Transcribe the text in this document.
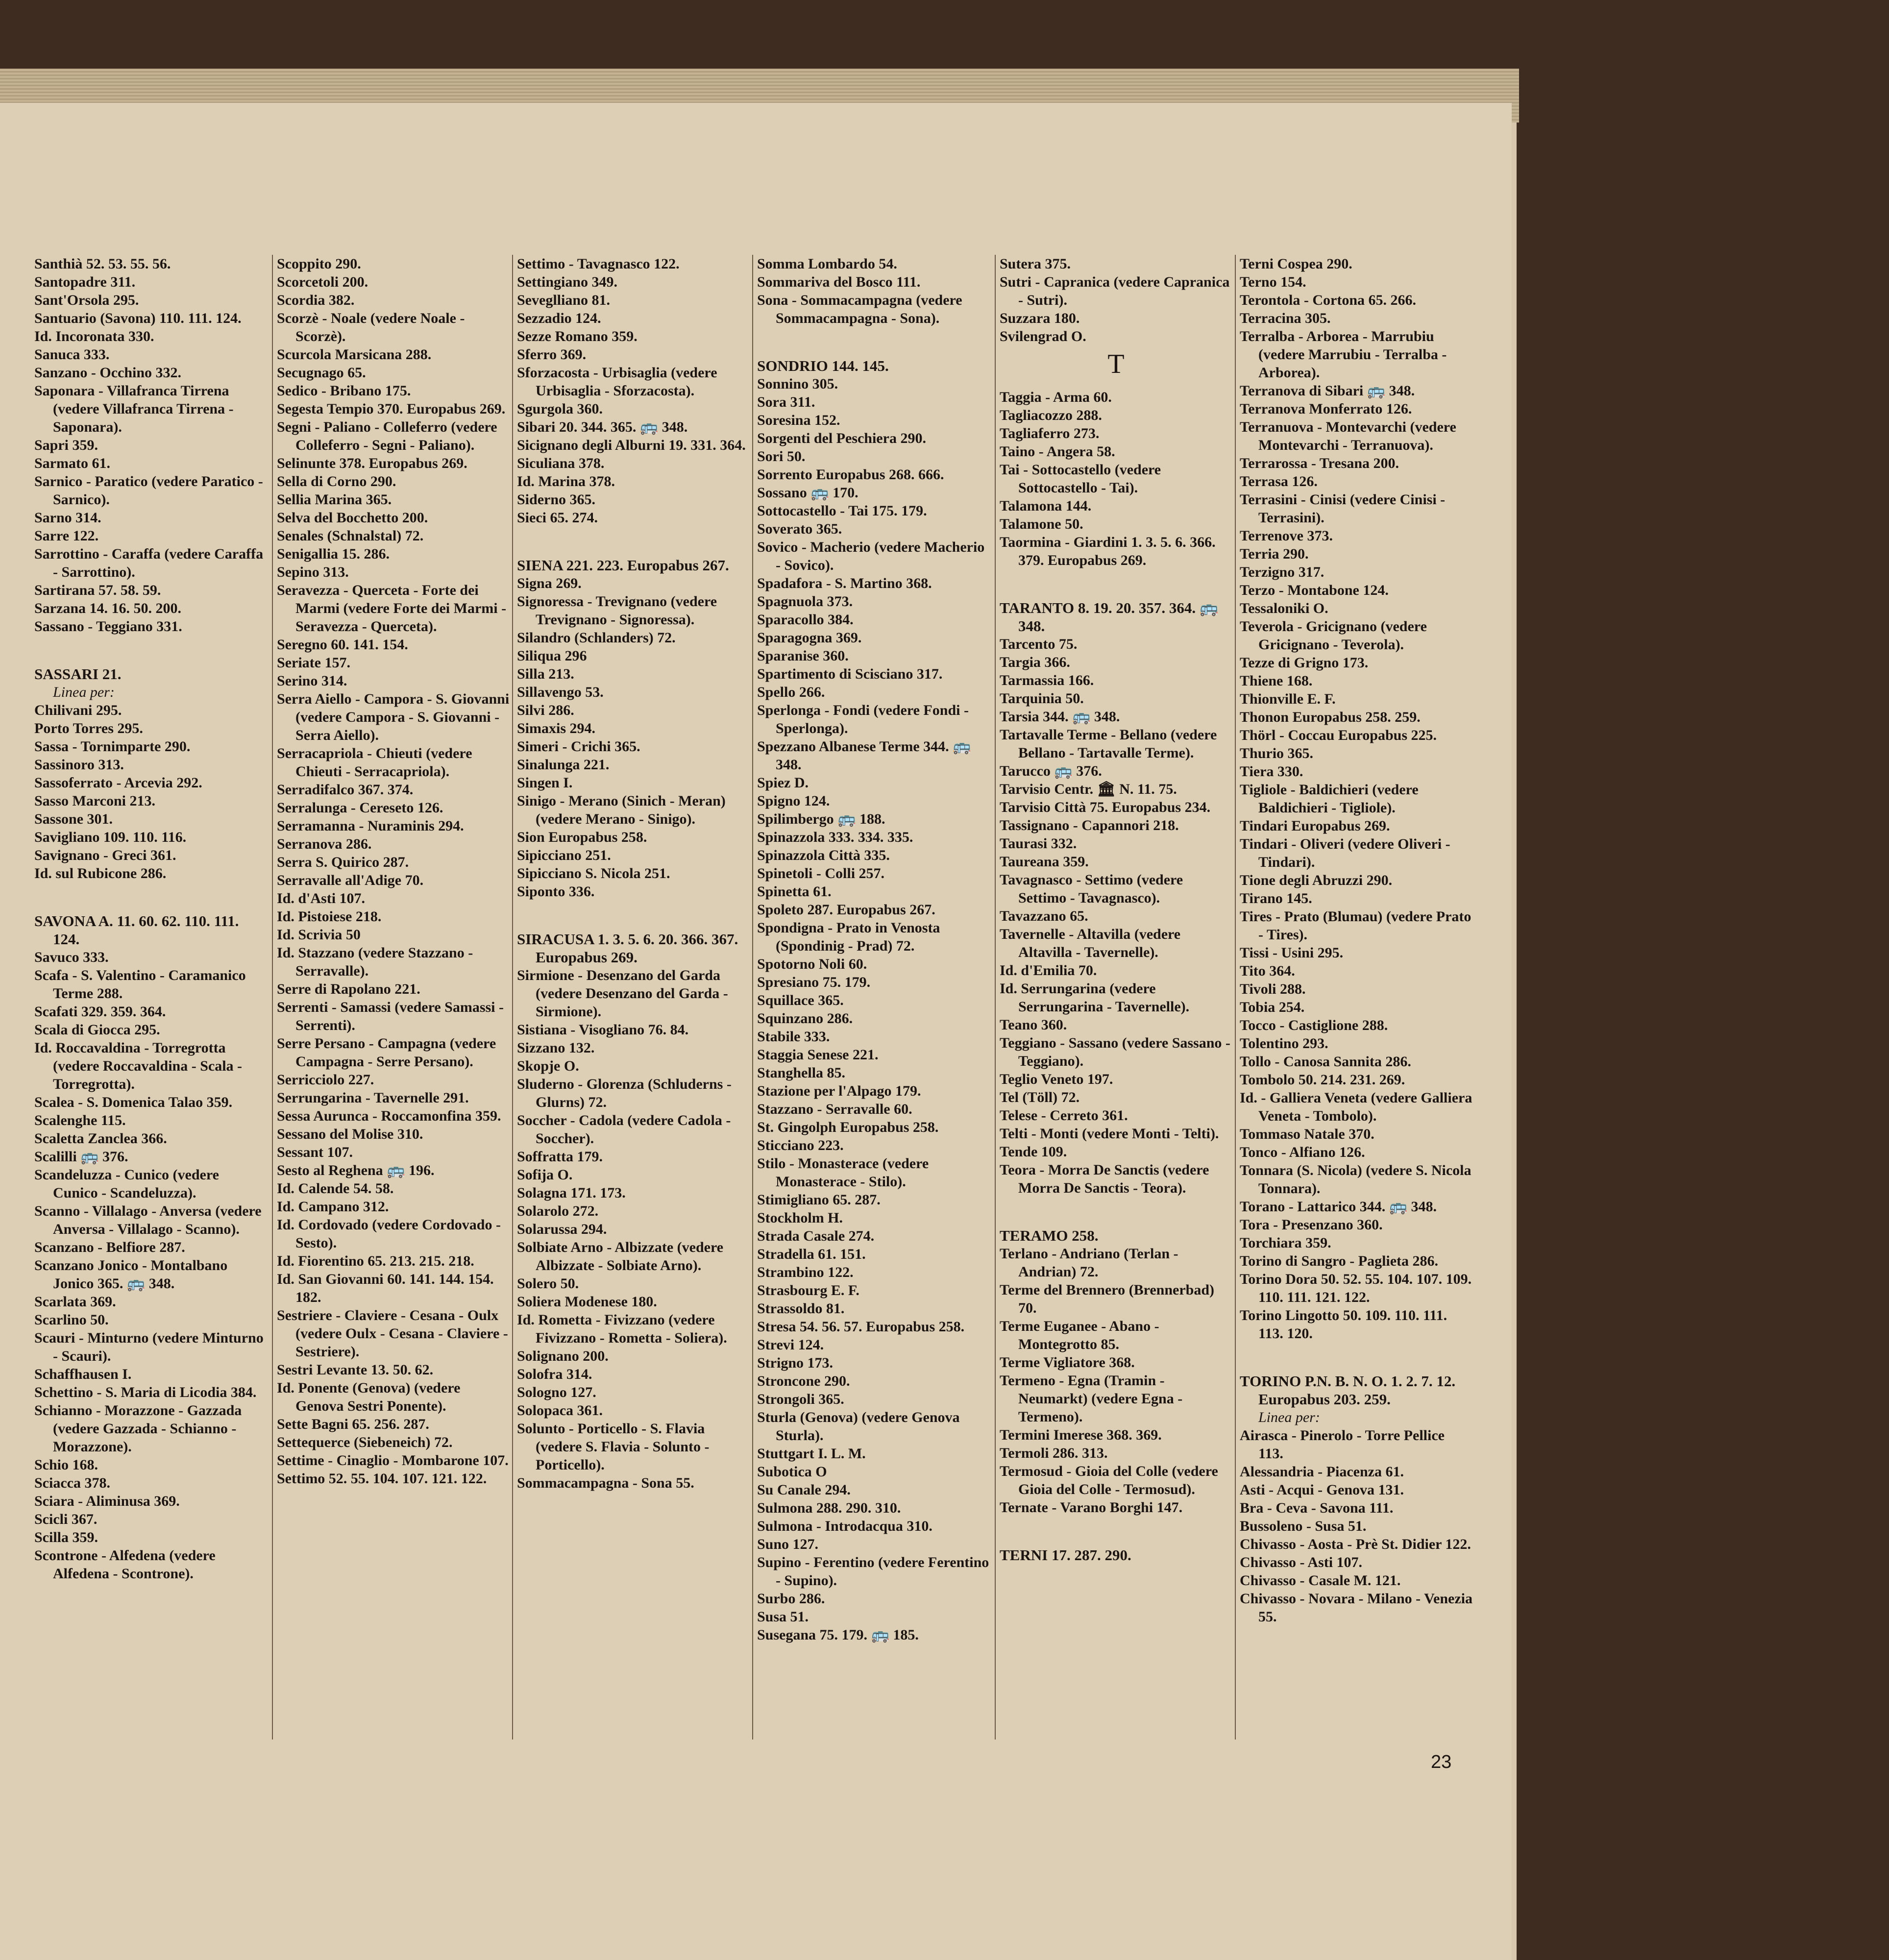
Santhià 52. 53. 55. 56.
Santopadre 311.
Sant'Orsola 295.
Santuario (Savona) 110. 111. 124.
Id. Incoronata 330.
Sanuca 333.
Sanzano - Occhino 332.
Saponara - Villafranca Tirrena (vedere Villafranca Tirrena - Saponara).
Sapri 359.
Sarmato 61.
Sarnico - Paratico (vedere Paratico - Sarnico).
Sarno 314.
Sarre 122.
Sarrottino - Caraffa (vedere Caraffa - Sarrottino).
Sartirana 57. 58. 59.
Sarzana 14. 16. 50. 200.
Sassano - Teggiano 331.
SASSARI 21.
Linea per:
Chilivani 295.
Porto Torres 295.
Sassa - Tornimparte 290.
Sassinoro 313.
Sassoferrato - Arcevia 292.
Sasso Marconi 213.
Sassone 301.
Savigliano 109. 110. 116.
Savignano - Greci 361.
Id. sul Rubicone 286.
SAVONA A. 11. 60. 62. 110. 111. 124.
Savuco 333.
Scafa - S. Valentino - Caramanico Terme 288.
Scafati 329. 359. 364.
Scala di Giocca 295.
Id. Roccavaldina - Torregrotta (vedere Roccavaldina - Scala - Torregrotta).
Scalea - S. Domenica Talao 359.
Scalenghe 115.
Scaletta Zanclea 366.
Scalilli 🚌 376.
Scandeluzza - Cunico (vedere Cunico - Scandeluzza).
Scanno - Villalago - Anversa (vedere Anversa - Villalago - Scanno).
Scanzano - Belfiore 287.
Scanzano Jonico - Montalbano Jonico 365. 🚌 348.
Scarlata 369.
Scarlino 50.
Scauri - Minturno (vedere Minturno - Scauri).
Schaffhausen I.
Schettino - S. Maria di Licodia 384.
Schianno - Morazzone - Gazzada (vedere Gazzada - Schianno - Morazzone).
Schio 168.
Sciacca 378.
Sciara - Aliminusa 369.
Scicli 367.
Scilla 359.
Scontrone - Alfedena (vedere Alfedena - Scontrone).
Scoppito 290.
Scorcetoli 200.
Scordia 382.
Scorzè - Noale (vedere Noale - Scorzè).
Scurcola Marsicana 288.
Secugnago 65.
Sedico - Bribano 175.
Segesta Tempio 370. Europabus 269.
Segni - Paliano - Colleferro (vedere Colleferro - Segni - Paliano).
Selinunte 378. Europabus 269.
Sella di Corno 290.
Sellia Marina 365.
Selva del Bocchetto 200.
Senales (Schnalstal) 72.
Senigallia 15. 286.
Sepino 313.
Seravezza - Querceta - Forte dei Marmi (vedere Forte dei Marmi - Seravezza - Querceta).
Seregno 60. 141. 154.
Seriate 157.
Serino 314.
Serra Aiello - Campora - S. Giovanni (vedere Campora - S. Giovanni - Serra Aiello).
Serracapriola - Chieuti (vedere Chieuti - Serracapriola).
Serradifalco 367. 374.
Serralunga - Cereseto 126.
Serramanna - Nuraminis 294.
Serranova 286.
Serra S. Quirico 287.
Serravalle all'Adige 70.
Id. d'Asti 107.
Id. Pistoiese 218.
Id. Scrivia 50
Id. Stazzano (vedere Stazzano - Serravalle).
Serre di Rapolano 221.
Serrenti - Samassi (vedere Samassi - Serrenti).
Serre Persano - Campagna (vedere Campagna - Serre Persano).
Serricciolo 227.
Serrungarina - Tavernelle 291.
Sessa Aurunca - Roccamonfina 359.
Sessano del Molise 310.
Sessant 107.
Sesto al Reghena 🚌 196.
Id. Calende 54. 58.
Id. Campano 312.
Id. Cordovado (vedere Cordovado - Sesto).
Id. Fiorentino 65. 213. 215. 218.
Id. San Giovanni 60. 141. 144. 154. 182.
Sestriere - Claviere - Cesana - Oulx (vedere Oulx - Cesana - Claviere - Sestriere).
Sestri Levante 13. 50. 62.
Id. Ponente (Genova) (vedere Genova Sestri Ponente).
Sette Bagni 65. 256. 287.
Settequerce (Siebeneich) 72.
Settime - Cinaglio - Mombarone 107.
Settimo 52. 55. 104. 107. 121. 122.
Settimo - Tavagnasco 122.
Settingiano 349.
Seveglliano 81.
Sezzadio 124.
Sezze Romano 359.
Sferro 369.
Sforzacosta - Urbisaglia (vedere Urbisaglia - Sforzacosta).
Sgurgola 360.
Sibari 20. 344. 365. 🚌 348.
Sicignano degli Alburni 19. 331. 364.
Siculiana 378.
Id. Marina 378.
Siderno 365.
Sieci 65. 274.
SIENA 221. 223. Europabus 267.
Signa 269.
Signoressa - Trevignano (vedere Trevignano - Signoressa).
Silandro (Schlanders) 72.
Siliqua 296
Silla 213.
Sillavengo 53.
Silvi 286.
Simaxis 294.
Simeri - Crichi 365.
Sinalunga 221.
Singen I.
Sinigo - Merano (Sinich - Meran) (vedere Merano - Sinigo).
Sion Europabus 258.
Sipicciano 251.
Sipicciano S. Nicola 251.
Siponto 336.
SIRACUSA 1. 3. 5. 6. 20. 366. 367. Europabus 269.
Sirmione - Desenzano del Garda (vedere Desenzano del Garda - Sirmione).
Sistiana - Visogliano 76. 84.
Sizzano 132.
Skopje O.
Sluderno - Glorenza (Schluderns - Glurns) 72.
Soccher - Cadola (vedere Cadola - Soccher).
Soffratta 179.
Sofija O.
Solagna 171. 173.
Solarolo 272.
Solarussa 294.
Solbiate Arno - Albizzate (vedere Albizzate - Solbiate Arno).
Solero 50.
Soliera Modenese 180.
Id. Rometta - Fivizzano (vedere Fivizzano - Rometta - Soliera).
Solignano 200.
Solofra 314.
Sologno 127.
Solopaca 361.
Solunto - Porticello - S. Flavia (vedere S. Flavia - Solunto - Porticello).
Sommacampagna - Sona 55.
Somma Lombardo 54.
Sommariva del Bosco 111.
Sona - Sommacampagna (vedere Sommacampagna - Sona).
SONDRIO 144. 145.
Sonnino 305.
Sora 311.
Soresina 152.
Sorgenti del Peschiera 290.
Sori 50.
Sorrento Europabus 268. 666.
Sossano 🚌 170.
Sottocastello - Tai 175. 179.
Soverato 365.
Sovico - Macherio (vedere Macherio - Sovico).
Spadafora - S. Martino 368.
Spagnuola 373.
Sparacollo 384.
Sparagogna 369.
Sparanise 360.
Spartimento di Scisciano 317.
Spello 266.
Sperlonga - Fondi (vedere Fondi - Sperlonga).
Spezzano Albanese Terme 344. 🚌 348.
Spiez D.
Spigno 124.
Spilimbergo 🚌 188.
Spinazzola 333. 334. 335.
Spinazzola Città 335.
Spinetoli - Colli 257.
Spinetta 61.
Spoleto 287. Europabus 267.
Spondigna - Prato in Venosta (Spondinig - Prad) 72.
Spotorno Noli 60.
Spresiano 75. 179.
Squillace 365.
Squinzano 286.
Stabile 333.
Staggia Senese 221.
Stanghella 85.
Stazione per l'Alpago 179.
Stazzano - Serravalle 60.
St. Gingolph Europabus 258.
Sticciano 223.
Stilo - Monasterace (vedere Monasterace - Stilo).
Stimigliano 65. 287.
Stockholm H.
Strada Casale 274.
Stradella 61. 151.
Strambino 122.
Strasbourg E. F.
Strassoldo 81.
Stresa 54. 56. 57. Europabus 258.
Strevi 124.
Strigno 173.
Stroncone 290.
Strongoli 365.
Sturla (Genova) (vedere Genova Sturla).
Stuttgart I. L. M.
Subotica O
Su Canale 294.
Sulmona 288. 290. 310.
Sulmona - Introdacqua 310.
Suno 127.
Supino - Ferentino (vedere Ferentino - Supino).
Surbo 286.
Susa 51.
Susegana 75. 179. 🚌 185.
Sutera 375.
Sutri - Capranica (vedere Capranica - Sutri).
Suzzara 180.
Svilengrad O.
T
Taggia - Arma 60.
Tagliacozzo 288.
Tagliaferro 273.
Taino - Angera 58.
Tai - Sottocastello (vedere Sottocastello - Tai).
Talamona 144.
Talamone 50.
Taormina - Giardini 1. 3. 5. 6. 366. 379. Europabus 269.
TARANTO 8. 19. 20. 357. 364. 🚌 348.
Tarcento 75.
Targia 366.
Tarmassia 166.
Tarquinia 50.
Tarsia 344. 🚌 348.
Tartavalle Terme - Bellano (vedere Bellano - Tartavalle Terme).
Tarucco 🚌 376.
Tarvisio Centr. 🏛 N. 11. 75.
Tarvisio Città 75. Europabus 234.
Tassignano - Capannori 218.
Taurasi 332.
Taureana 359.
Tavagnasco - Settimo (vedere Settimo - Tavagnasco).
Tavazzano 65.
Tavernelle - Altavilla (vedere Altavilla - Tavernelle).
Id. d'Emilia 70.
Id. Serrungarina (vedere Serrungarina - Tavernelle).
Teano 360.
Teggiano - Sassano (vedere Sassano - Teggiano).
Teglio Veneto 197.
Tel (Töll) 72.
Telese - Cerreto 361.
Telti - Monti (vedere Monti - Telti).
Tende 109.
Teora - Morra De Sanctis (vedere Morra De Sanctis - Teora).
TERAMO 258.
Terlano - Andriano (Terlan - Andrian) 72.
Terme del Brennero (Brennerbad) 70.
Terme Euganee - Abano - Montegrotto 85.
Terme Vigliatore 368.
Termeno - Egna (Tramin - Neumarkt) (vedere Egna - Termeno).
Termini Imerese 368. 369.
Termoli 286. 313.
Termosud - Gioia del Colle (vedere Gioia del Colle - Termosud).
Ternate - Varano Borghi 147.
TERNI 17. 287. 290.
Terni Cospea 290.
Terno 154.
Terontola - Cortona 65. 266.
Terracina 305.
Terralba - Arborea - Marrubiu (vedere Marrubiu - Terralba - Arborea).
Terranova di Sibari 🚌 348.
Terranova Monferrato 126.
Terranuova - Montevarchi (vedere Montevarchi - Terranuova).
Terrarossa - Tresana 200.
Terrasa 126.
Terrasini - Cinisi (vedere Cinisi - Terrasini).
Terrenove 373.
Terria 290.
Terzigno 317.
Terzo - Montabone 124.
Tessaloniki O.
Teverola - Gricignano (vedere Gricignano - Teverola).
Tezze di Grigno 173.
Thiene 168.
Thionville E. F.
Thonon Europabus 258. 259.
Thörl - Coccau Europabus 225.
Thurio 365.
Tiera 330.
Tigliole - Baldichieri (vedere Baldichieri - Tigliole).
Tindari Europabus 269.
Tindari - Oliveri (vedere Oliveri - Tindari).
Tione degli Abruzzi 290.
Tirano 145.
Tires - Prato (Blumau) (vedere Prato - Tires).
Tissi - Usini 295.
Tito 364.
Tivoli 288.
Tobia 254.
Tocco - Castiglione 288.
Tolentino 293.
Tollo - Canosa Sannita 286.
Tombolo 50. 214. 231. 269.
Id. - Galliera Veneta (vedere Galliera Veneta - Tombolo).
Tommaso Natale 370.
Tonco - Alfiano 126.
Tonnara (S. Nicola) (vedere S. Nicola Tonnara).
Torano - Lattarico 344. 🚌 348.
Tora - Presenzano 360.
Torchiara 359.
Torino di Sangro - Paglieta 286.
Torino Dora 50. 52. 55. 104. 107. 109. 110. 111. 121. 122.
Torino Lingotto 50. 109. 110. 111. 113. 120.
TORINO P.N. B. N. O. 1. 2. 7. 12. Europabus 203. 259.
Linea per:
Airasca - Pinerolo - Torre Pellice 113.
Alessandria - Piacenza 61.
Asti - Acqui - Genova 131.
Bra - Ceva - Savona 111.
Bussoleno - Susa 51.
Chivasso - Aosta - Prè St. Didier 122.
Chivasso - Asti 107.
Chivasso - Casale M. 121.
Chivasso - Novara - Milano - Venezia 55.
23
